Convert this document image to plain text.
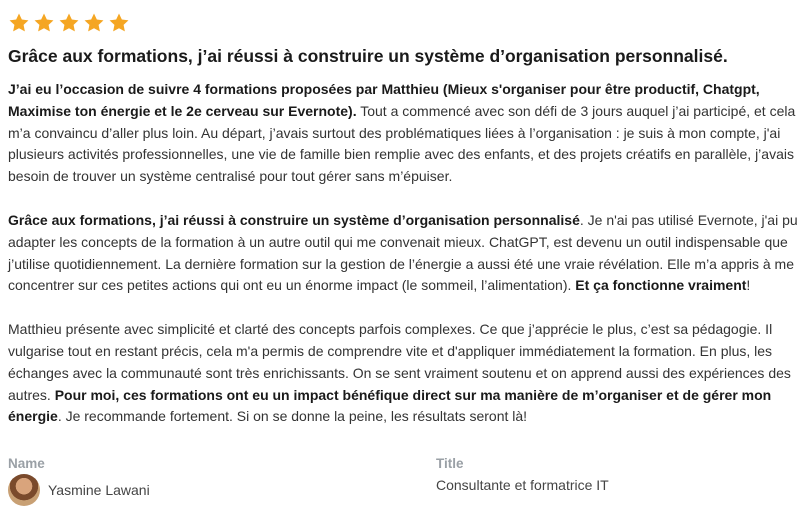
Grâce aux formations, j’ai réussi à construire un système d’organisation personnalisé.

J’ai eu l’occasion de suivre 4 formations proposées par Matthieu (Mieux s'organiser pour être productif, Chatgpt, Maximise ton énergie et le 2e cerveau sur Evernote). Tout a commencé avec son défi de 3 jours auquel j’ai participé, et cela m’a convaincu d’aller plus loin. Au départ, j’avais surtout des problématiques liées à l’organisation : je suis à mon compte, j'ai plusieurs activités professionnelles, une vie de famille bien remplie avec des enfants, et des projets créatifs en parallèle, j’avais besoin de trouver un système centralisé pour tout gérer sans m’épuiser.

Grâce aux formations, j’ai réussi à construire un système d’organisation personnalisé. Je n'ai pas utilisé Evernote, j'ai pu adapter les concepts de la formation à un autre outil qui me convenait mieux. ChatGPT, est devenu un outil indispensable que j’utilise quotidiennement. La dernière formation sur la gestion de l’énergie a aussi été une vraie révélation. Elle m’a appris à me concentrer sur ces petites actions qui ont eu un énorme impact (le sommeil, l’alimentation). Et ça fonctionne vraiment!

Matthieu présente avec simplicité et clarté des concepts parfois complexes. Ce que j’apprécie le plus, c’est sa pédagogie. Il vulgarise tout en restant précis, cela m'a permis de comprendre vite et d'appliquer immédiatement la formation. En plus, les échanges avec la communauté sont très enrichissants. On se sent vraiment soutenu et on apprend aussi des expériences des autres. Pour moi, ces formations ont eu un impact bénéfique direct sur ma manière de m’organiser et de gérer mon énergie. Je recommande fortement. Si on se donne la peine, les résultats seront là!

Name	Title
Yasmine Lawani	Consultante et formatrice IT
